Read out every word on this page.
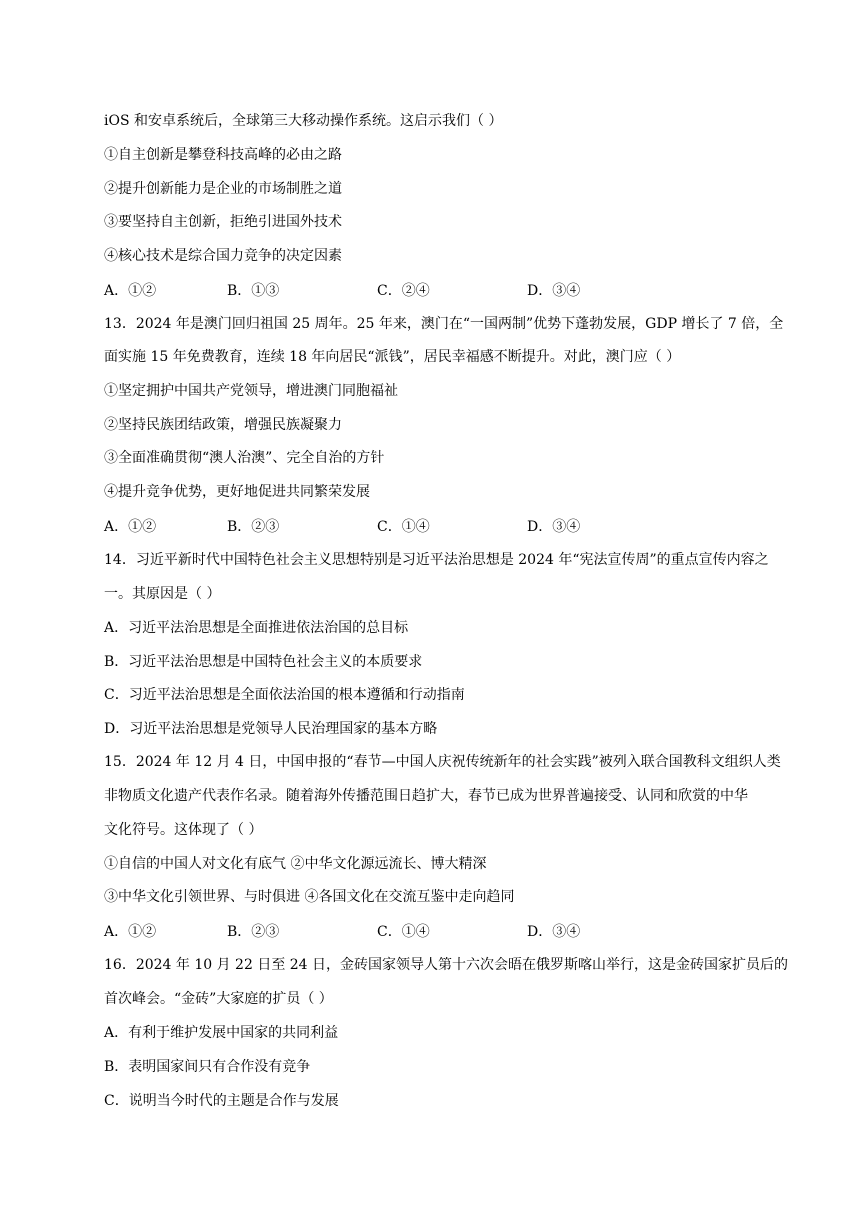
iOS 和安卓系统后，全球第三大移动操作系统。这启示我们（ ）
①自主创新是攀登科技高峰的必由之路
②提升创新能力是企业的市场制胜之道
③要坚持自主创新，拒绝引进国外技术
④核心技术是综合国力竞争的决定因素
A．①②	B．①③	C．②④	D．③④
13．2024 年是澳门回归祖国 25 周年。25 年来，澳门在“一国两制”优势下蓬勃发展，GDP 增长了 7 倍，全
面实施 15 年免费教育，连续 18 年向居民“派钱”，居民幸福感不断提升。对此，澳门应（ ）
①坚定拥护中国共产党领导，增进澳门同胞福祉
②坚持民族团结政策，增强民族凝聚力
③全面准确贯彻“澳人治澳”、完全自治的方针
④提升竞争优势，更好地促进共同繁荣发展
A．①②	B．②③	C．①④	D．③④
14．习近平新时代中国特色社会主义思想特别是习近平法治思想是 2024 年“宪法宣传周”的重点宣传内容之
一。其原因是（ ）
A．习近平法治思想是全面推进依法治国的总目标
B．习近平法治思想是中国特色社会主义的本质要求
C．习近平法治思想是全面依法治国的根本遵循和行动指南
D．习近平法治思想是党领导人民治理国家的基本方略
15．2024 年 12 月 4 日，中国申报的“春节—中国人庆祝传统新年的社会实践”被列入联合国教科文组织人类
非物质文化遗产代表作名录。随着海外传播范围日趋扩大，春节已成为世界普遍接受、认同和欣赏的中华
文化符号。这体现了（ ）
①自信的中国人对文化有底气 ②中华文化源远流长、博大精深
③中华文化引领世界、与时俱进 ④各国文化在交流互鉴中走向趋同
A．①②	B．②③	C．①④	D．③④
16．2024 年 10 月 22 日至 24 日，金砖国家领导人第十六次会晤在俄罗斯喀山举行，这是金砖国家扩员后的
首次峰会。“金砖”大家庭的扩员（ ）
A．有利于维护发展中国家的共同利益
B．表明国家间只有合作没有竞争
C．说明当今时代的主题是合作与发展
